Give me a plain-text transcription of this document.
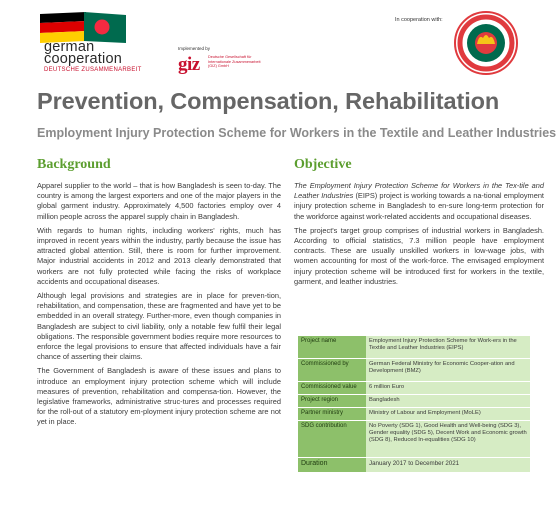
german
cooperation
DEUTSCHE ZUSAMMENARBEIT
Implemented by
giz Deutsche Gesellschaft für Internationale Zusammenarbeit (GIZ) GmbH
In cooperation with:
Prevention, Compensation, Rehabilitation
Employment Injury Protection Scheme for Workers in the Textile and Leather Industries
Background	Objective

Apparel supplier to the world – that is how Bangladesh is seen to-day. The country is among the largest exporters and one of the major players in the global garment industry. Approximately 4,500 factories employ over 4 million people across the apparel supply chain in Bangladesh.

With regards to human rights, including workers' rights, much has improved in recent years within the industry, partly because the issue has attracted global attention. Still, there is room for further improvement. Major industrial accidents in 2012 and 2013 clearly demonstrated that workers are not fully protected while facing the risks of workplace accidents and occupational diseases.

Although legal provisions and strategies are in place for preven-tion, rehabilitation, and compensation, these are fragmented and have yet to be embedded in an overall strategy. Further-more, even though companies in Bangladesh are subject to civil liability, only a notable few fulfil their legal obligations. The responsible government bodies require more resources to enforce the legal provisions to ensure that affected individuals have a fair chance of asserting their claims.

The Government of Bangladesh is aware of these issues and plans to introduce an employment injury protection scheme which will include measures of prevention, rehabilitation and compensa-tion. However, the legislative frameworks, administrative struc-tures and processes required for the roll-out of a statutory em-ployment injury protection scheme are not yet in place.

The Employment Injury Protection Scheme for Workers in the Tex-tile and Leather Industries (EIPS) project is working towards a na-tional employment injury protection scheme in Bangladesh to en-sure long-term protection for the workforce against work-related accidents and occupational diseases.

The project's target group comprises of industrial workers in Bangladesh. According to official statistics, 7.3 million people have employment contracts. These are usually unskilled workers in low-wage jobs, with women accounting for most of the work-force. The envisaged employment injury protection scheme will be introduced first for workers in the textile, garment, and leather industries.

Project name	Employment Injury Protection Scheme for Work-ers in the Textile and Leather Industries (EIPS)
Commissioned by	German Federal Ministry for Economic Cooper-ation and Development (BMZ)
Commissioned value	6 million Euro
Project region	Bangladesh
Partner ministry	Ministry of Labour and Employment (MoLE)
SDG contribution	No Poverty (SDG 1), Good Health and Well-being (SDG 3), Gender equality (SDG 5), Decent Work and Economic growth (SDG 8), Reduced In-equalities (SDG 10)
Duration	January 2017 to December 2021
